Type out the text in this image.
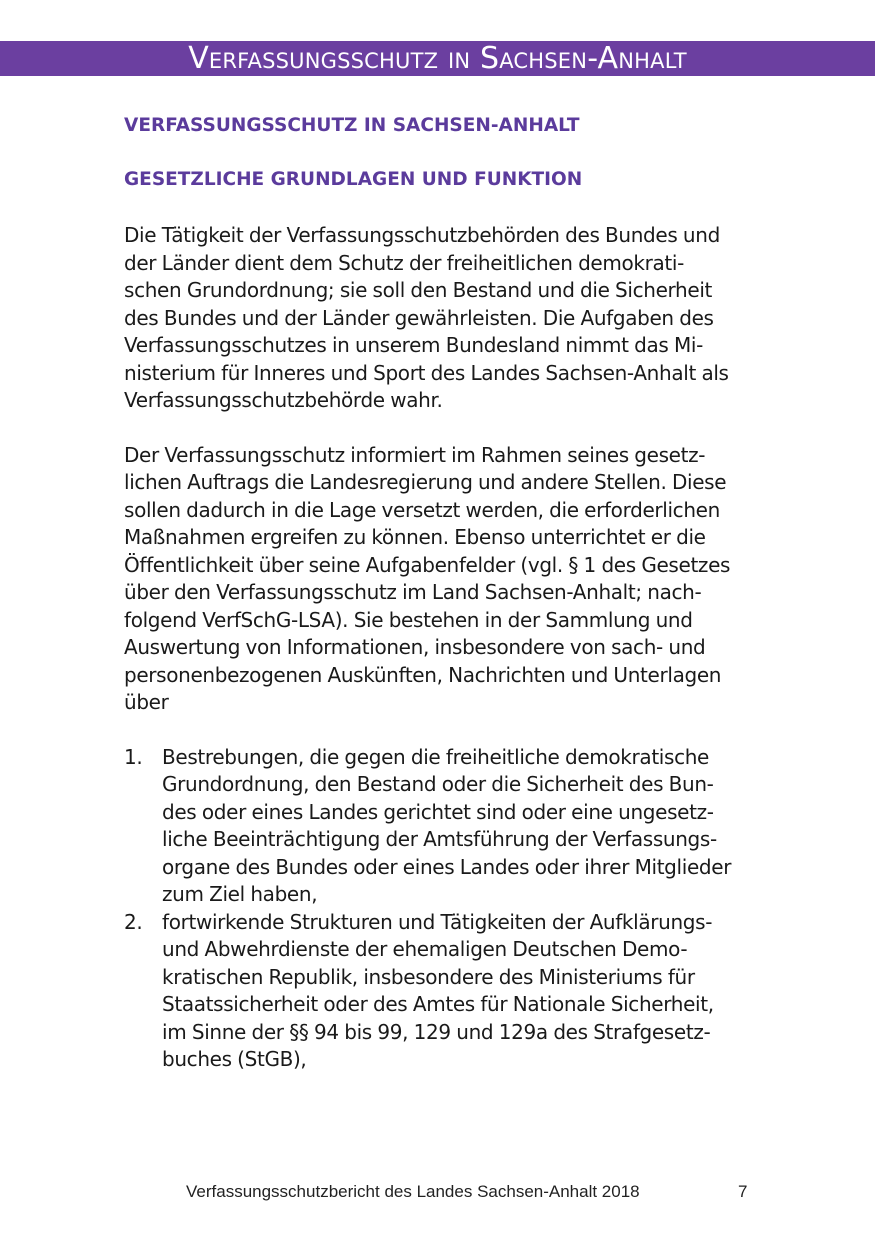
Verfassungsschutz in Sachsen-Anhalt
VERFASSUNGSSCHUTZ IN SACHSEN-ANHALT
GESETZLICHE GRUNDLAGEN UND FUNKTION

Die Tätigkeit der Verfassungsschutzbehörden des Bundes und
der Länder dient dem Schutz der freiheitlichen demokrati-
schen Grundordnung; sie soll den Bestand und die Sicherheit
des Bundes und der Länder gewährleisten. Die Aufgaben des
Verfassungsschutzes in unserem Bundesland nimmt das Mi-
nisterium für Inneres und Sport des Landes Sachsen-Anhalt als
Verfassungsschutzbehörde wahr.

Der Verfassungsschutz informiert im Rahmen seines gesetz-
lichen Auftrags die Landesregierung und andere Stellen. Diese
sollen dadurch in die Lage versetzt werden, die erforderlichen
Maßnahmen ergreifen zu können. Ebenso unterrichtet er die
Öffentlichkeit über seine Aufgabenfelder (vgl. § 1 des Gesetzes
über den Verfassungsschutz im Land Sachsen-Anhalt; nach-
folgend VerfSchG-LSA). Sie bestehen in der Sammlung und
Auswertung von Informationen, insbesondere von sach- und
personenbezogenen Auskünften, Nachrichten und Unterlagen
über

1. Bestrebungen, die gegen die freiheitliche demokratische
Grundordnung, den Bestand oder die Sicherheit des Bun-
des oder eines Landes gerichtet sind oder eine ungesetz-
liche Beeinträchtigung der Amtsführung der Verfassungs-
organe des Bundes oder eines Landes oder ihrer Mitglieder
zum Ziel haben,
2. fortwirkende Strukturen und Tätigkeiten der Aufklärungs-
und Abwehrdienste der ehemaligen Deutschen Demo-
kratischen Republik, insbesondere des Ministeriums für
Staatssicherheit oder des Amtes für Nationale Sicherheit,
im Sinne der §§ 94 bis 99, 129 und 129a des Strafgesetz-
buches (StGB),
Verfassungsschutzbericht des Landes Sachsen-Anhalt 2018	7
